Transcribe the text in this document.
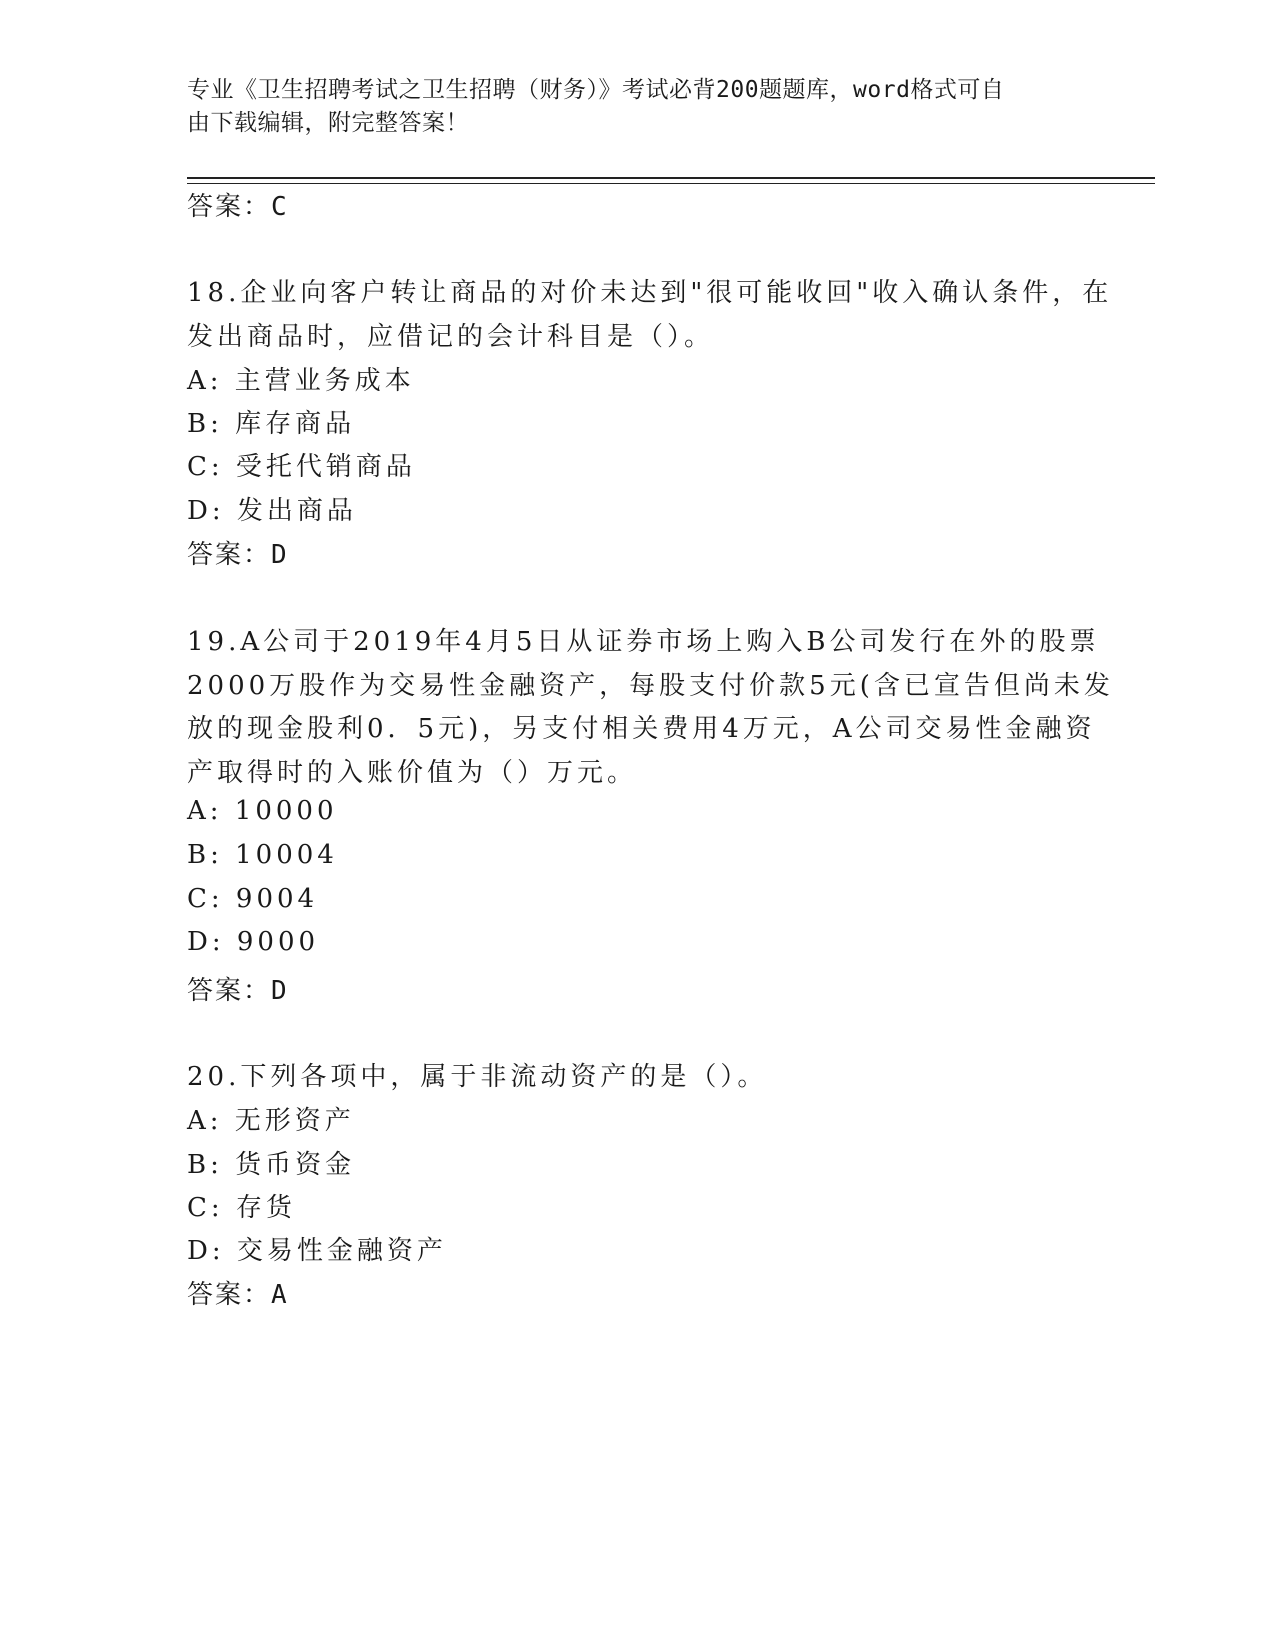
专业《卫生招聘考试之卫生招聘（财务）》考试必背200题题库，word格式可自
由下载编辑，附完整答案！
答案：C
18.企业向客户转让商品的对价未达到"很可能收回"收入确认条件，在
发出商品时，应借记的会计科目是（）。
A: 主营业务成本
B: 库存商品
C: 受托代销商品
D: 发出商品
答案：D
19.A公司于2019年4月5日从证券市场上购入B公司发行在外的股票
2000万股作为交易性金融资产，每股支付价款5元(含已宣告但尚未发
放的现金股利0．5元)，另支付相关费用4万元，A公司交易性金融资
产取得时的入账价值为（）万元。
A: 10000
B: 10004
C: 9004
D: 9000
答案：D
20.下列各项中，属于非流动资产的是（）。
A: 无形资产
B: 货币资金
C: 存货
D: 交易性金融资产
答案：A
